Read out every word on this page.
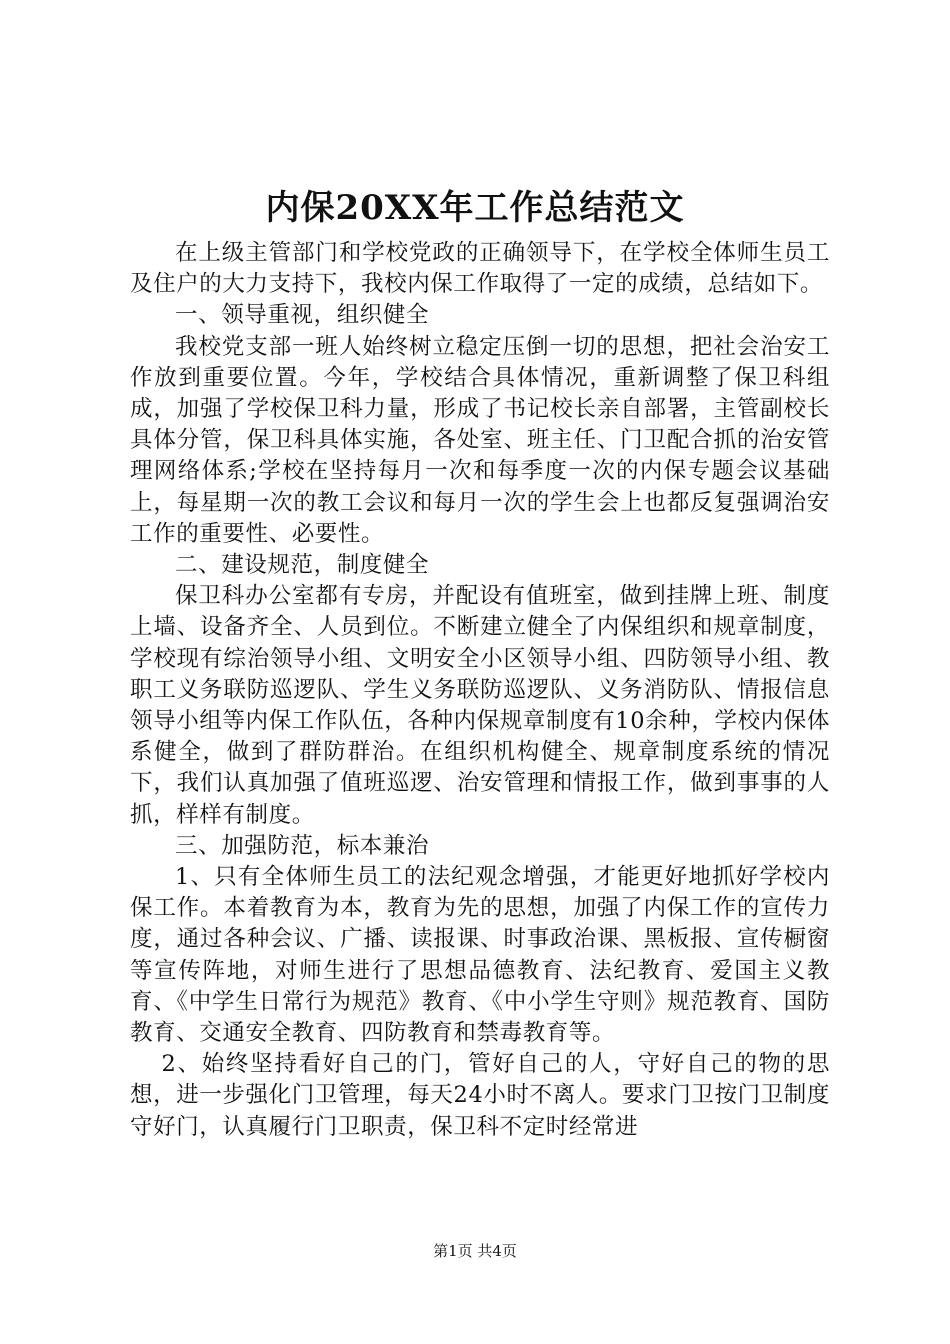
内保20XX年工作总结范文

在上级主管部门和学校党政的正确领导下，在学校全体师生员工及住户的大力支持下，我校内保工作取得了一定的成绩，总结如下。

一、领导重视，组织健全

我校党支部一班人始终树立稳定压倒一切的思想，把社会治安工作放到重要位置。今年，学校结合具体情况，重新调整了保卫科组成，加强了学校保卫科力量，形成了书记校长亲自部署，主管副校长具体分管，保卫科具体实施，各处室、班主任、门卫配合抓的治安管理网络体系;学校在坚持每月一次和每季度一次的内保专题会议基础上，每星期一次的教工会议和每月一次的学生会上也都反复强调治安工作的重要性、必要性。

二、建设规范，制度健全

保卫科办公室都有专房，并配设有值班室，做到挂牌上班、制度上墙、设备齐全、人员到位。不断建立健全了内保组织和规章制度，学校现有综治领导小组、文明安全小区领导小组、四防领导小组、教职工义务联防巡逻队、学生义务联防巡逻队、义务消防队、情报信息领导小组等内保工作队伍，各种内保规章制度有10余种，学校内保体系健全，做到了群防群治。在组织机构健全、规章制度系统的情况下，我们认真加强了值班巡逻、治安管理和情报工作，做到事事的人抓，样样有制度。

三、加强防范，标本兼治

1、只有全体师生员工的法纪观念增强，才能更好地抓好学校内保工作。本着教育为本，教育为先的思想，加强了内保工作的宣传力度，通过各种会议、广播、读报课、时事政治课、黑板报、宣传橱窗等宣传阵地，对师生进行了思想品德教育、法纪教育、爱国主义教育、《中学生日常行为规范》教育、《中小学生守则》规范教育、国防教育、交通安全教育、四防教育和禁毒教育等。

2、始终坚持看好自己的门，管好自己的人，守好自己的物的思想，进一步强化门卫管理，每天24小时不离人。要求门卫按门卫制度守好门，认真履行门卫职责，保卫科不定时经常进

第1页 共4页
